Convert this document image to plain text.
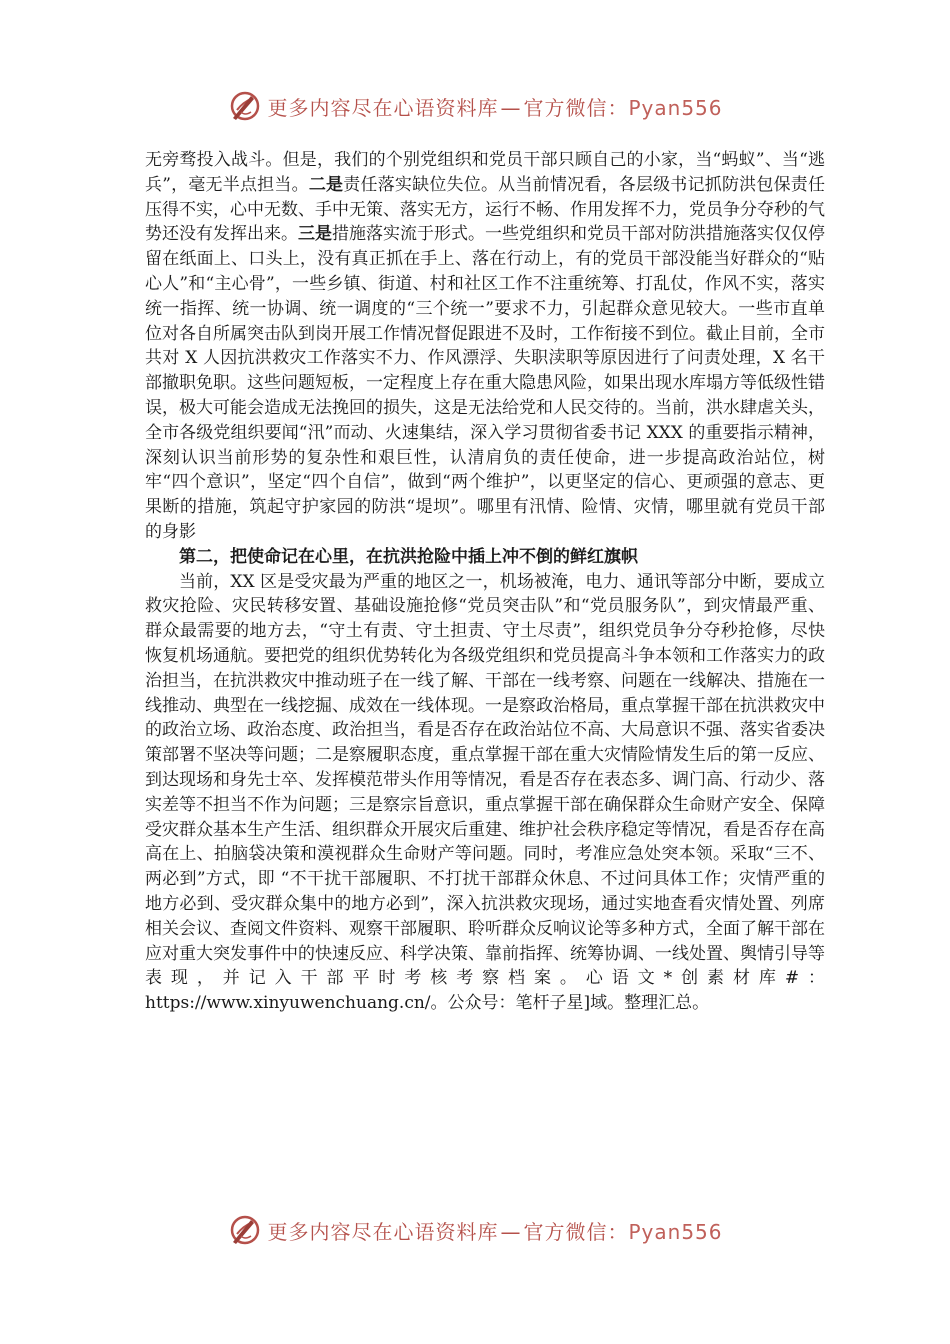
更多内容尽在心语资料库 — 官方微信：Pyan556

无旁骛投入战斗。但是，我们的个别党组织和党员干部只顾自己的小家，当“蚂蚁”、当“逃兵”，毫无半点担当。二是责任落实缺位失位。从当前情况看，各层级书记抓防洪包保责任压得不实，心中无数、手中无策、落实无方，运行不畅、作用发挥不力，党员争分夺秒的气势还没有发挥出来。三是措施落实流于形式。一些党组织和党员干部对防洪措施落实仅仅停留在纸面上、口头上，没有真正抓在手上、落在行动上，有的党员干部没能当好群众的“贴心人”和“主心骨”，一些乡镇、街道、村和社区工作不注重统筹、打乱仗，作风不实，落实统一指挥、统一协调、统一调度的“三个统一”要求不力，引起群众意见较大。一些市直单位对各自所属突击队到岗开展工作情况督促跟进不及时，工作衔接不到位。截止目前，全市共对 X 人因抗洪救灾工作落实不力、作风漂浮、失职渎职等原因进行了问责处理，X 名干部撤职免职。这些问题短板，一定程度上存在重大隐患风险，如果出现水库塌方等低级性错误，极大可能会造成无法挽回的损失，这是无法给党和人民交待的。当前，洪水肆虐关头，全市各级党组织要闻“汛”而动、火速集结，深入学习贯彻省委书记 XXX 的重要指示精神，深刻认识当前形势的复杂性和艰巨性，认清肩负的责任使命，进一步提高政治站位，树牢“四个意识”，坚定“四个自信”，做到“两个维护”，以更坚定的信心、更顽强的意志、更果断的措施，筑起守护家园的防洪“堤坝”。哪里有汛情、险情、灾情，哪里就有党员干部的身影

第二，把使命记在心里，在抗洪抢险中插上冲不倒的鲜红旗帜

当前，XX 区是受灾最为严重的地区之一，机场被淹，电力、通讯等部分中断，要成立救灾抢险、灾民转移安置、基础设施抢修“党员突击队”和“党员服务队”，到灾情最严重、群众最需要的地方去，“守土有责、守土担责、守土尽责”，组织党员争分夺秒抢修，尽快恢复机场通航。要把党的组织优势转化为各级党组织和党员提高斗争本领和工作落实力的政治担当，在抗洪救灾中推动班子在一线了解、干部在一线考察、问题在一线解决、措施在一线推动、典型在一线挖掘、成效在一线体现。一是察政治格局，重点掌握干部在抗洪救灾中的政治立场、政治态度、政治担当，看是否存在政治站位不高、大局意识不强、落实省委决策部署不坚决等问题；二是察履职态度，重点掌握干部在重大灾情险情发生后的第一反应、到达现场和身先士卒、发挥模范带头作用等情况，看是否存在表态多、调门高、行动少、落实差等不担当不作为问题；三是察宗旨意识，重点掌握干部在确保群众生命财产安全、保障受灾群众基本生产生活、组织群众开展灾后重建、维护社会秩序稳定等情况，看是否存在高高在上、拍脑袋决策和漠视群众生命财产等问题。同时，考准应急处突本领。采取“三不、两必到”方式，即 “不干扰干部履职、不打扰干部群众休息、不过问具体工作；灾情严重的地方必到、受灾群众集中的地方必到”，深入抗洪救灾现场，通过实地查看灾情处置、列席相关会议、查阅文件资料、观察干部履职、聆听群众反响议论等多种方式，全面了解干部在应对重大突发事件中的快速反应、科学决策、靠前指挥、统筹协调、一线处置、舆情引导等表现，并记入干部平时考核考察档案。心语文*创素材库#：https://www.xinyuwenchuang.cn/。公众号：笔杆子星]域。整理汇总。

更多内容尽在心语资料库 — 官方微信：Pyan556
